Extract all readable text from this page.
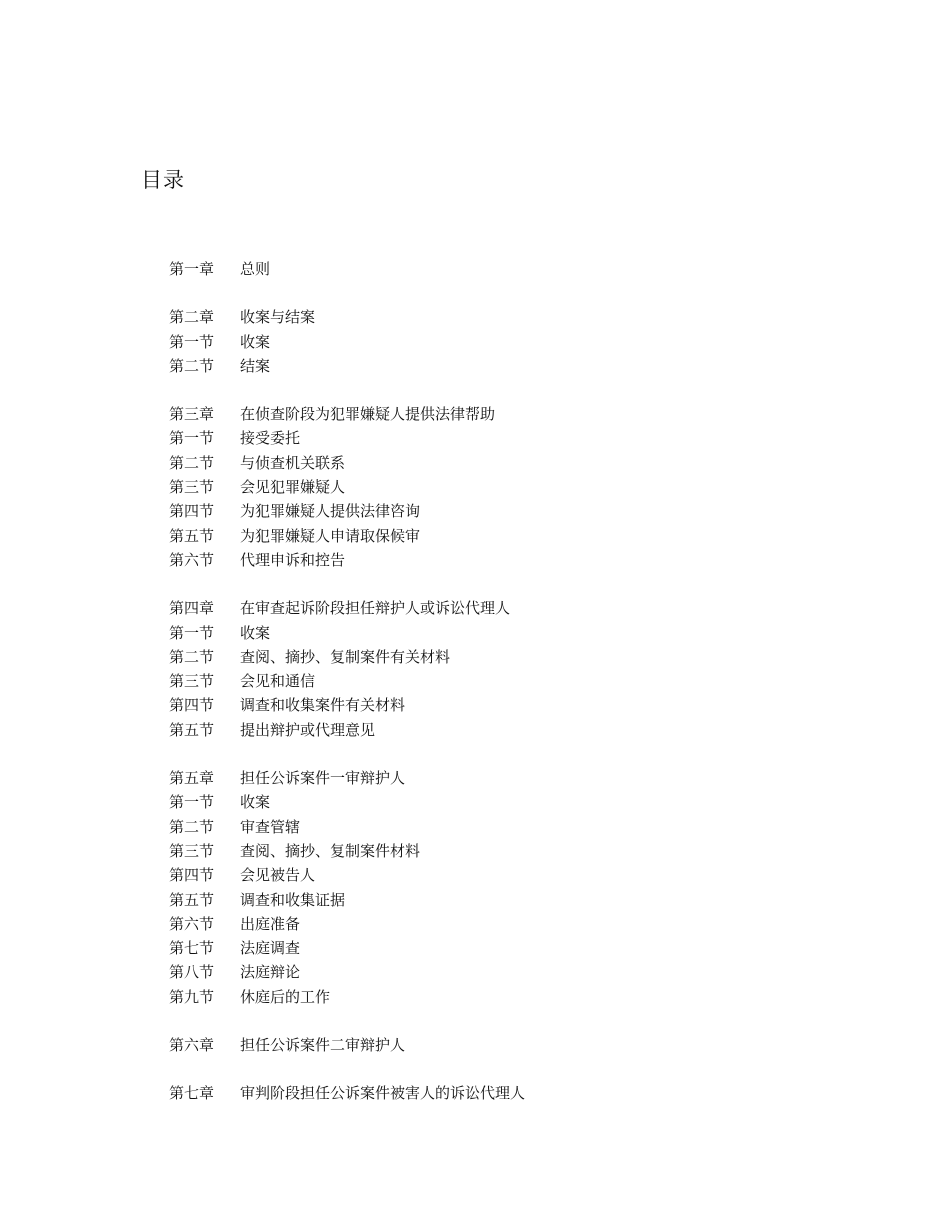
目录
第一章	总则
第二章	收案与结案
第一节	收案
第二节	结案
第三章	在侦查阶段为犯罪嫌疑人提供法律帮助
第一节	接受委托
第二节	与侦查机关联系
第三节	会见犯罪嫌疑人
第四节	为犯罪嫌疑人提供法律咨询
第五节	为犯罪嫌疑人申请取保候审
第六节	代理申诉和控告
第四章	在审查起诉阶段担任辩护人或诉讼代理人
第一节	收案
第二节	查阅、摘抄、复制案件有关材料
第三节	会见和通信
第四节	调查和收集案件有关材料
第五节	提出辩护或代理意见
第五章	担任公诉案件一审辩护人
第一节	收案
第二节	审查管辖
第三节	查阅、摘抄、复制案件材料
第四节	会见被告人
第五节	调查和收集证据
第六节	出庭准备
第七节	法庭调查
第八节	法庭辩论
第九节	休庭后的工作
第六章	担任公诉案件二审辩护人
第七章	审判阶段担任公诉案件被害人的诉讼代理人
